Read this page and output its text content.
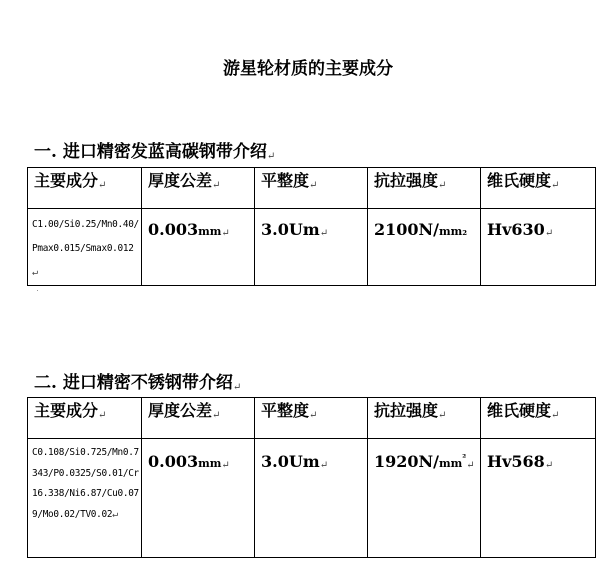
游星轮材质的主要成分
一. 进口精密发蓝高碳钢带介绍↵
主要成分↵	厚度公差↵	平整度↵	抗拉强度↵	维氏硬度↵
C1.00/Si0.25/Mn0.40/Pmax0.015/Smax0.012↵	0.003mm↵	3.0Um↵	2100N/mm₂	Hv630↵
二. 进口精密不锈钢带介绍↵
主要成分↵	厚度公差↵	平整度↵	抗拉强度↵	维氏硬度↵
C0.108/Si0.725/Mn0.7343/P0.0325/S0.01/Cr16.338/Ni6.87/Cu0.079/Mo0.02/TV0.02↵	0.003mm↵	3.0Um↵	$1920N/mm^{^2}↵$	Hv568↵
